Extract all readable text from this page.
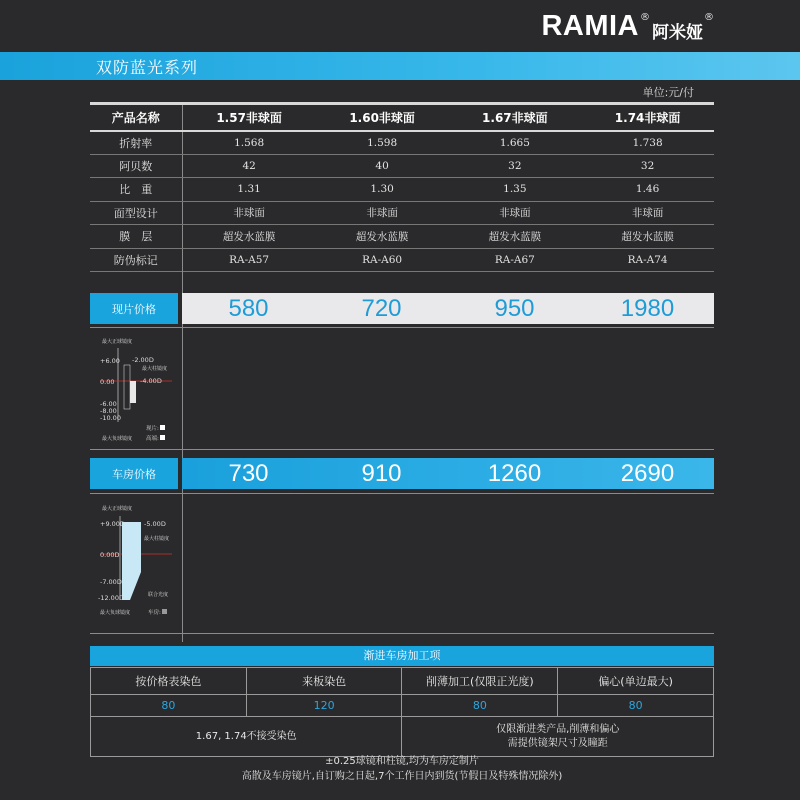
RAMIA ®
阿米娅
®
双防蓝光系列
单位:元/付
产品名称	1.57非球面	1.60非球面	1.67非球面	1.74非球面
折射率	1.568	1.598	1.665	1.738
阿贝数	42	40	32	32
比　重	1.31	1.30	1.35	1.46
面型设计	非球面	非球面	非球面	非球面
膜　层	超发水蓝膜	超发水蓝膜	超发水蓝膜	超发水蓝膜
防伪标记	RA-A57	RA-A60	RA-A67	RA-A74
现片价格	580	720	950	1980
最大正球镜度
+6.00 -2.00D
最大柱镜度
0.00	-4.00D
-6.00
-8.00
-10.00
现片:
最大负球镜度	高端:
车房价格	730	910	1260	2690
最大正球镜度
+9.00D	-5.00D
最大柱镜度
0.00D
-7.00D
联合光度
-12.00D
最大负球镜度	车房:
渐进车房加工项
按价格表染色	来板染色	削薄加工(仅限正光度)	偏心(单边最大)
80	120	80	80
1.67, 1.74不接受染色		仅限渐进类产品,削薄和偏心
需提供镜架尺寸及瞳距	
±0.25球镜和柱镜,均为车房定制片
高散及车房镜片,自订购之日起,7个工作日内到货(节假日及特殊情况除外)
